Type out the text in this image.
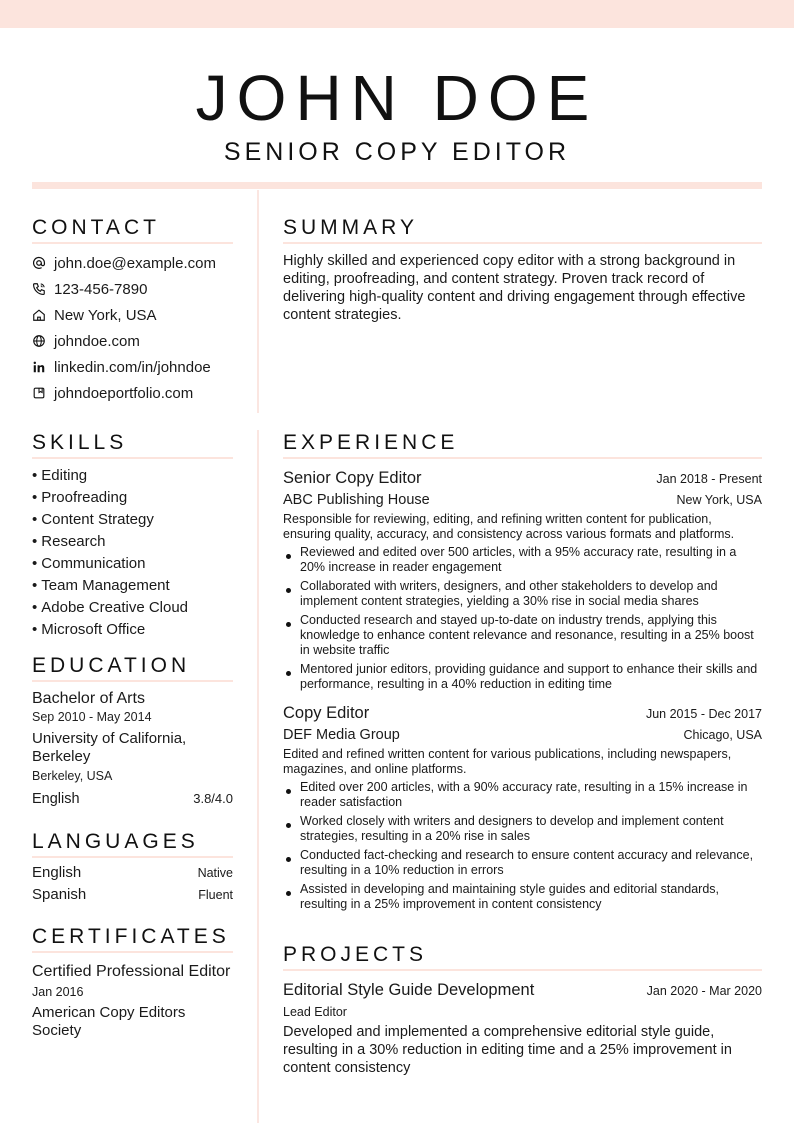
JOHN DOE
SENIOR COPY EDITOR
CONTACT
john.doe@example.com
123-456-7890
New York, USA
johndoe.com
linkedin.com/in/johndoe
johndoeportfolio.com
SUMMARY
Highly skilled and experienced copy editor with a strong background in editing, proofreading, and content strategy. Proven track record of delivering high-quality content and driving engagement through effective content strategies.
SKILLS
• Editing
• Proofreading
• Content Strategy
• Research
• Communication
• Team Management
• Adobe Creative Cloud
• Microsoft Office
EDUCATION
Bachelor of Arts
Sep 2010 - May 2014
University of California, Berkeley
Berkeley, USA
English	3.8/4.0
LANGUAGES
English	Native
Spanish	Fluent
CERTIFICATES
Certified Professional Editor
Jan 2016
American Copy Editors Society
EXPERIENCE
Senior Copy Editor	Jan 2018 - Present
ABC Publishing House	New York, USA
Responsible for reviewing, editing, and refining written content for publication, ensuring quality, accuracy, and consistency across various formats and platforms.
Reviewed and edited over 500 articles, with a 95% accuracy rate, resulting in a 20% increase in reader engagement
Collaborated with writers, designers, and other stakeholders to develop and implement content strategies, yielding a 30% rise in social media shares
Conducted research and stayed up-to-date on industry trends, applying this knowledge to enhance content relevance and resonance, resulting in a 25% boost in website traffic
Mentored junior editors, providing guidance and support to enhance their skills and performance, resulting in a 40% reduction in editing time
Copy Editor	Jun 2015 - Dec 2017
DEF Media Group	Chicago, USA
Edited and refined written content for various publications, including newspapers, magazines, and online platforms.
Edited over 200 articles, with a 90% accuracy rate, resulting in a 15% increase in reader satisfaction
Worked closely with writers and designers to develop and implement content strategies, resulting in a 20% rise in sales
Conducted fact-checking and research to ensure content accuracy and relevance, resulting in a 10% reduction in errors
Assisted in developing and maintaining style guides and editorial standards, resulting in a 25% improvement in content consistency
PROJECTS
Editorial Style Guide Development	Jan 2020 - Mar 2020
Lead Editor
Developed and implemented a comprehensive editorial style guide, resulting in a 30% reduction in editing time and a 25% improvement in content consistency
